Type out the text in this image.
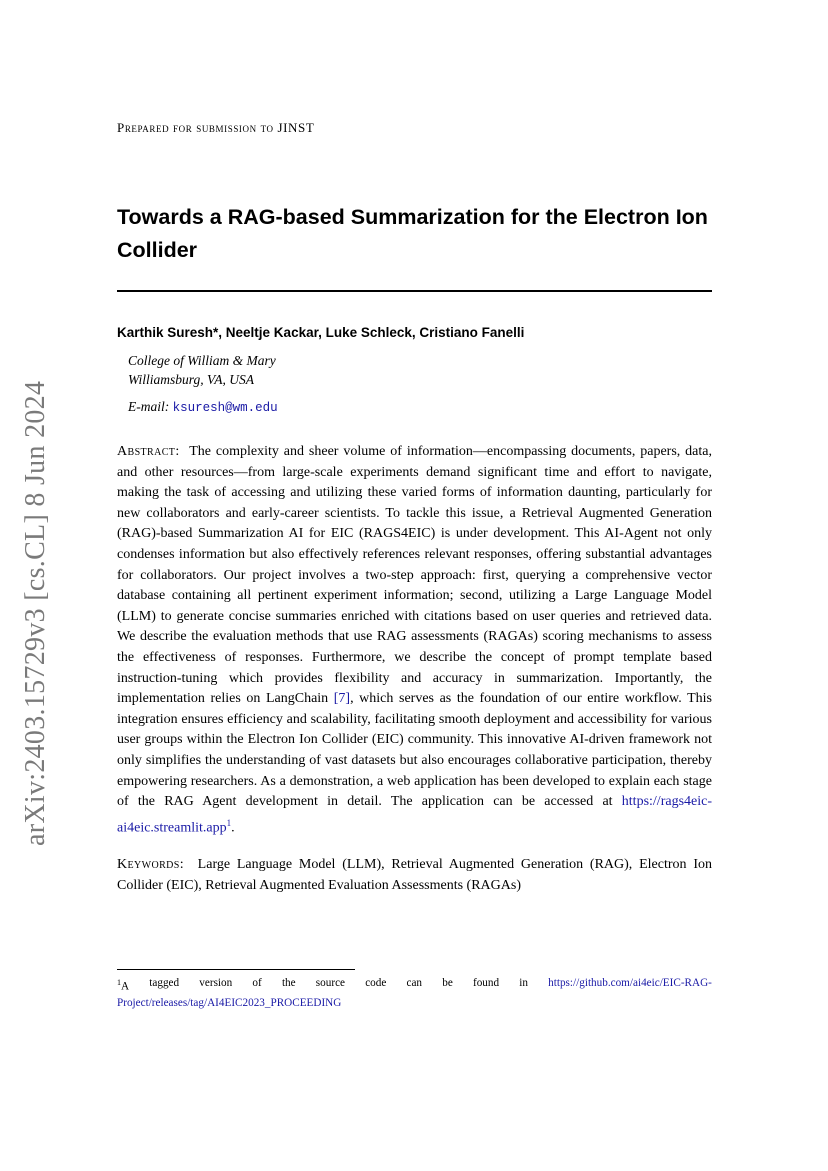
arXiv:2403.15729v3 [cs.CL] 8 Jun 2024
Prepared for submission to JINST
Towards a RAG-based Summarization for the Electron Ion Collider
Karthik Suresh*, Neeltje Kackar, Luke Schleck, Cristiano Fanelli
College of William & Mary
Williamsburg, VA, USA
E-mail: ksuresh@wm.edu

Abstract: The complexity and sheer volume of information—encompassing documents, papers, data, and other resources—from large-scale experiments demand significant time and effort to navigate, making the task of accessing and utilizing these varied forms of information daunting, particularly for new collaborators and early-career scientists. To tackle this issue, a Retrieval Augmented Generation (RAG)-based Summarization AI for EIC (RAGS4EIC) is under development. This AI-Agent not only condenses information but also effectively references relevant responses, offering substantial advantages for collaborators. Our project involves a two-step approach: first, querying a comprehensive vector database containing all pertinent experiment information; second, utilizing a Large Language Model (LLM) to generate concise summaries enriched with citations based on user queries and retrieved data. We describe the evaluation methods that use RAG assessments (RAGAs) scoring mechanisms to assess the effectiveness of responses. Furthermore, we describe the concept of prompt template based instruction-tuning which provides flexibility and accuracy in summarization. Importantly, the implementation relies on LangChain [7], which serves as the foundation of our entire workflow. This integration ensures efficiency and scalability, facilitating smooth deployment and accessibility for various user groups within the Electron Ion Collider (EIC) community. This innovative AI-driven framework not only simplifies the understanding of vast datasets but also encourages collaborative participation, thereby empowering researchers. As a demonstration, a web application has been developed to explain each stage of the RAG Agent development in detail. The application can be accessed at https://rags4eic-ai4eic.streamlit.app$^1$.

Keywords: Large Language Model (LLM), Retrieval Augmented Generation (RAG), Electron Ion Collider (EIC), Retrieval Augmented Evaluation Assessments (RAGAs)

$^1$A tagged version of the source code can be found in https://github.com/ai4eic/EIC-RAG-
Project/releases/tag/AI4EIC2023_PROCEEDING
